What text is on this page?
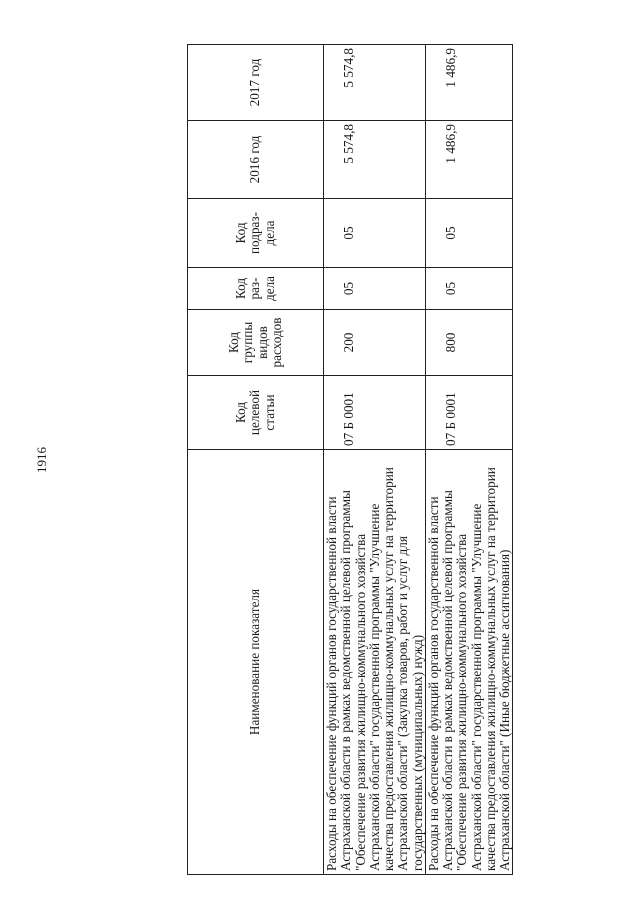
1916
Наименование показателя	Код целевой статьи	Код группы видов расходов	Код раз-дела	Код подраз-дела	2016 год	2017 год
Расходы на обеспечение функций органов государственной власти Астраханской области в рамках ведомственной целевой программы "Обеспечение развития жилищно-коммунального хозяйства Астраханской области" государственной программы "Улучшение качества предоставления жилищно-коммунальных услуг на территории Астраханской области" (Закупка товаров, работ и услуг для государственных (муниципальных) нужд)	07 Б 0001	200	05	05	5 574,8	5 574,8
Расходы на обеспечение функций органов государственной власти Астраханской области в рамках ведомственной целевой программы "Обеспечение развития жилищно-коммунального хозяйства Астраханской области" государственной программы "Улучшение качества предоставления жилищно-коммунальных услуг на территории Астраханской области" (Иные бюджетные ассигнования)	07 Б 0001	800	05	05	1 486,9	1 486,9
